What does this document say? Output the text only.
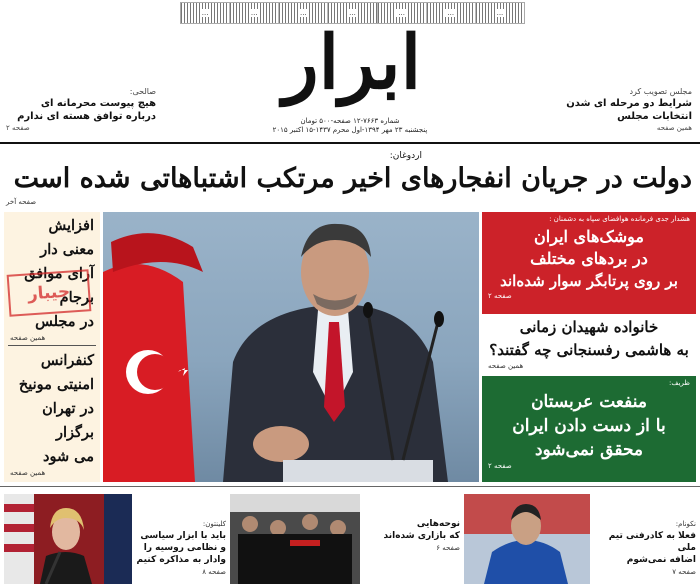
...
...
...
...
...
...
...
ابرار
شماره ۷۶۶۳-۱۲ صفحه-۵۰۰ تومان
پنجشنبه ۲۳ مهر ۱۳۹۴-اول محرم ۱۴۳۷-۱۵ اکتبر ۲۰۱۵
مجلس تصویب کرد
شرایط دو مرحله ای شدن
انتخابات مجلس
همین صفحه
صالحی:
هیچ پیوست محرمانه ای
درباره توافق هسته ای ندارم
صفحه ۲
اردوغان:
دولت در جریان انفجارهای اخیر مرتکب اشتباهاتی شده است
صفحه آخر
هشدار جدی فرمانده هوافضای سپاه به دشمنان :
موشک‌های ایران
در بردهای مختلف
بر روی پرتابگر سوار شده‌اند
صفحه ۲
خانواده شهیدان زمانی
به هاشمی رفسنجانی چه گفتند؟
همین صفحه
ظریف:
منفعت عربستان
با از دست دادن ایران
محقق نمی‌شود
صفحه ۲
افزایش
معنی دار
آرای موافق
برجام
در مجلس
همین صفحه
کنفرانس
امنیتی مونیخ
در تهران
برگزار
می شود
همین صفحه
جیبار
نکونام:
فعلا به کادرفنی تیم ملی
اضافه نمی‌شوم
صفحه ۷
نوحه‌هایی
که بازاری شده‌اند
صفحه ۶
کلینتون:
باید با ابزار سیاسی
و نظامی روسیه را
وادار به مذاکره کنیم
صفحه ۸
